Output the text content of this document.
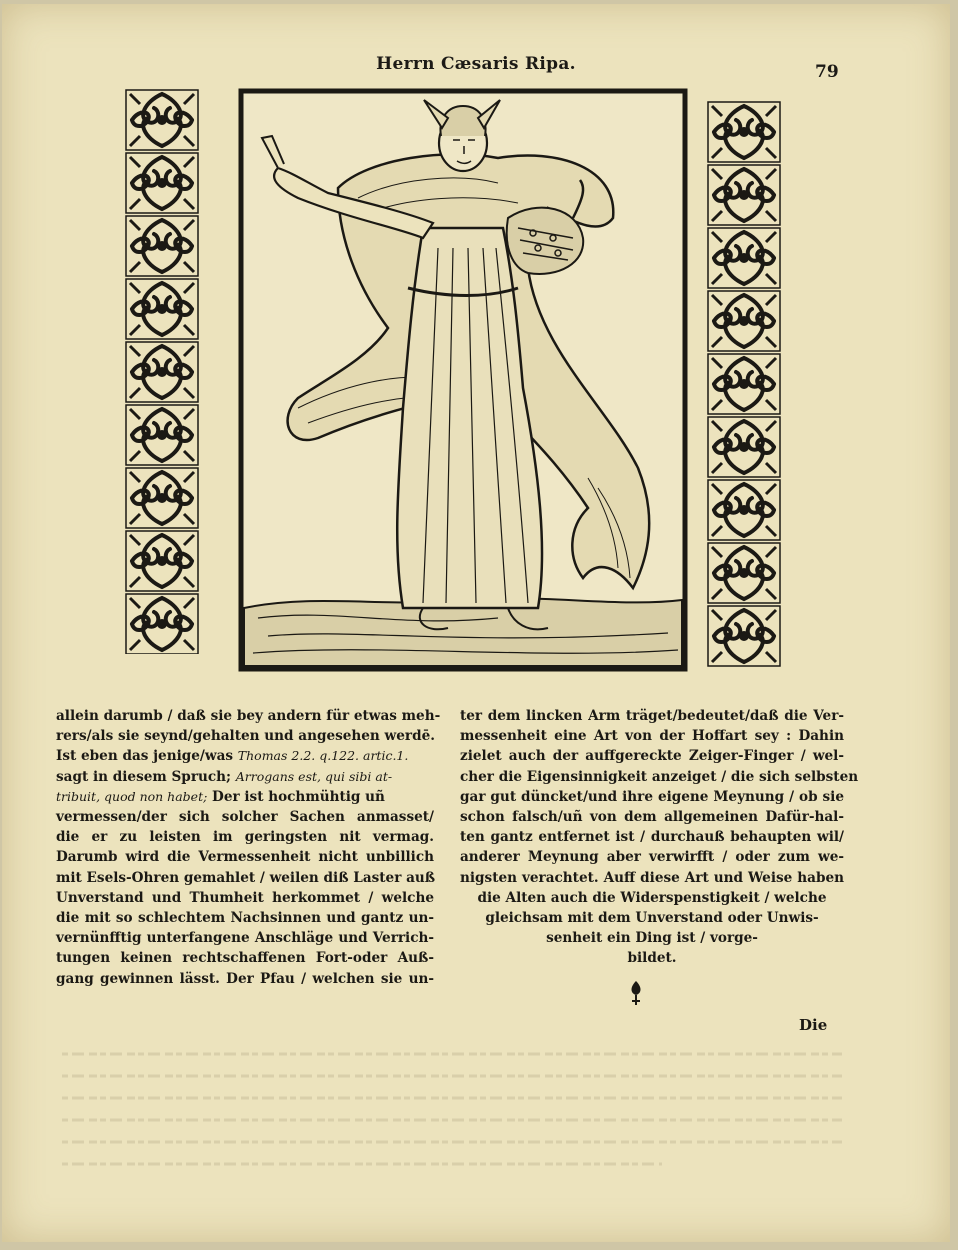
Herrn Cæsaris Ripa.	79
allein darumb / daß sie bey andern für etwas meh-
rers/als sie seynd/gehalten und angesehen werdē.
Ist eben das jenige/was Thomas 2.2. q.122. artic.1.
sagt in diesem Spruch; Arrogans est, qui sibi at-
tribuit, quod non habet; Der ist hochmühtig uñ
vermessen/der sich solcher Sachen anmasset/
die er zu leisten im geringsten nit vermag.
Darumb wird die Vermessenheit nicht unbillich
mit Esels-Ohren gemahlet / weilen diß Laster auß
Unverstand und Thumheit herkommet / welche
die mit so schlechtem Nachsinnen und gantz un-
vernünfftig unterfangene Anschläge und Verrich-
tungen keinen rechtschaffenen Fort-oder Auß-
gang gewinnen lässt. Der Pfau / welchen sie un-
ter dem lincken Arm träget/bedeutet/daß die Ver-
messenheit eine Art von der Hoffart sey : Dahin
zielet auch der auffgereckte Zeiger-Finger / wel-
cher die Eigensinnigkeit anzeiget / die sich selbsten
gar gut düncket/und ihre eigene Meynung / ob sie
schon falsch/uñ von dem allgemeinen Dafür-hal-
ten gantz entfernet ist / durchauß behaupten wil/
anderer Meynung aber verwirfft / oder zum we-
nigsten verachtet. Auff diese Art und Weise haben
die Alten auch die Widerspenstigkeit / welche
gleichsam mit dem Unverstand oder Unwis-
senheit ein Ding ist / vorge-
bildet.
Die
